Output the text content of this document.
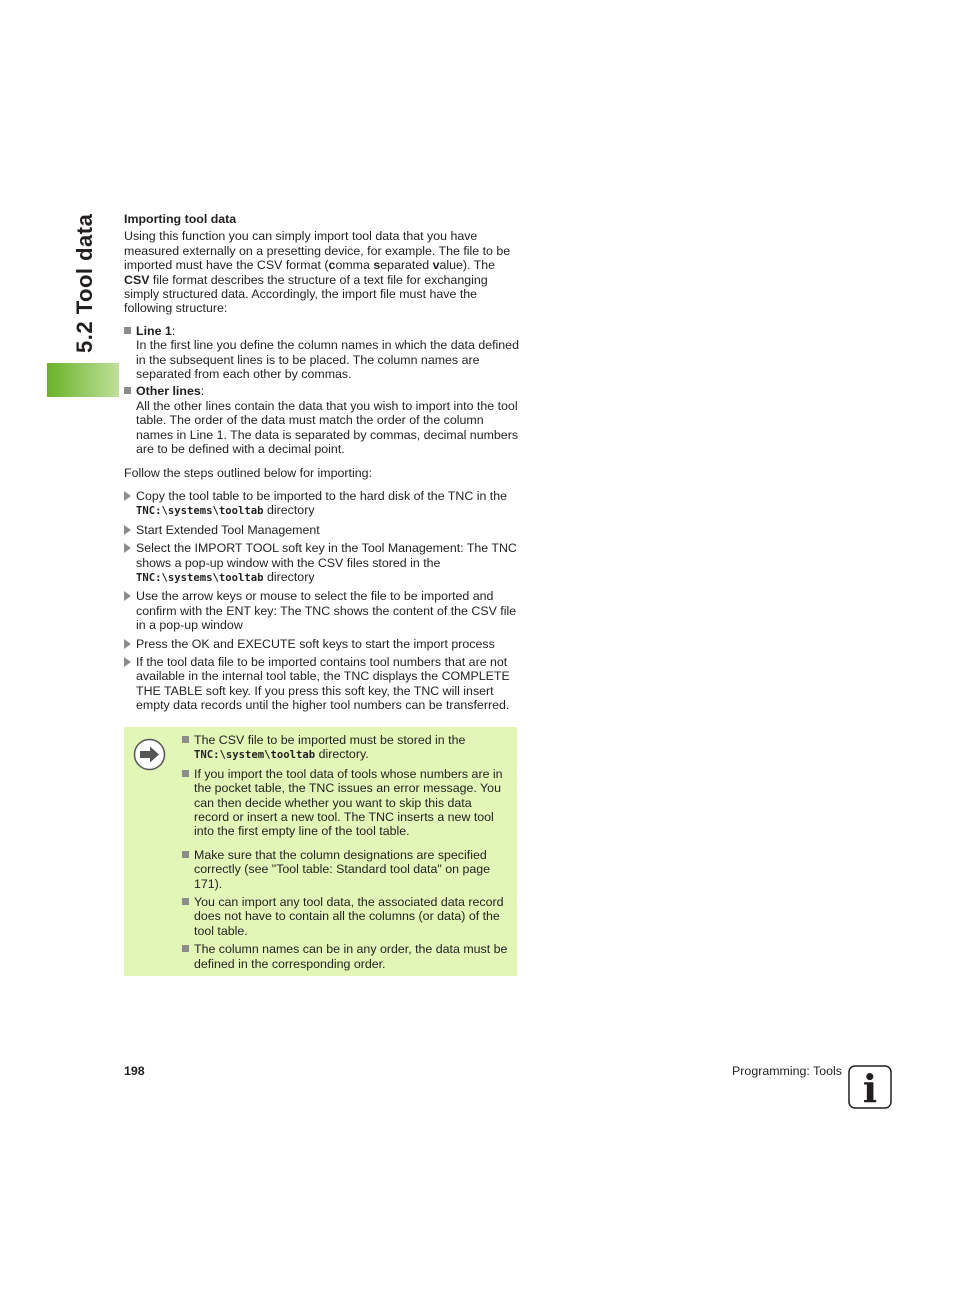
5.2 Tool data Importing tool data
Using this function you can simply import tool data that you have measured externally on a presetting device, for example. The file to be imported must have the CSV format (comma separated value). The CSV file format describes the structure of a text file for exchanging simply structured data. Accordingly, the import file must have the following structure:
Line 1:
In the first line you define the column names in which the data defined in the subsequent lines is to be placed. The column names are separated from each other by commas.
Other lines:
All the other lines contain the data that you wish to import into the tool table. The order of the data must match the order of the column names in Line 1. The data is separated by commas, decimal numbers are to be defined with a decimal point.
Follow the steps outlined below for importing:
Copy the tool table to be imported to the hard disk of the TNC in the TNC:\systems\tooltab directory
Start Extended Tool Management
Select the IMPORT TOOL soft key in the Tool Management: The TNC shows a pop-up window with the CSV files stored in the TNC:\systems\tooltab directory
Use the arrow keys or mouse to select the file to be imported and confirm with the ENT key: The TNC shows the content of the CSV file in a pop-up window
Press the OK and EXECUTE soft keys to start the import process
If the tool data file to be imported contains tool numbers that are not available in the internal tool table, the TNC displays the COMPLETE THE TABLE soft key. If you press this soft key, the TNC will insert empty data records until the higher tool numbers can be transferred.
The CSV file to be imported must be stored in the TNC:\system\tooltab directory.
If you import the tool data of tools whose numbers are in the pocket table, the TNC issues an error message. You can then decide whether you want to skip this data record or insert a new tool. The TNC inserts a new tool into the first empty line of the tool table.
Make sure that the column designations are specified correctly (see "Tool table: Standard tool data" on page 171).
You can import any tool data, the associated data record does not have to contain all the columns (or data) of the tool table.
The column names can be in any order, the data must be defined in the corresponding order.
198	Programming: Tools i
